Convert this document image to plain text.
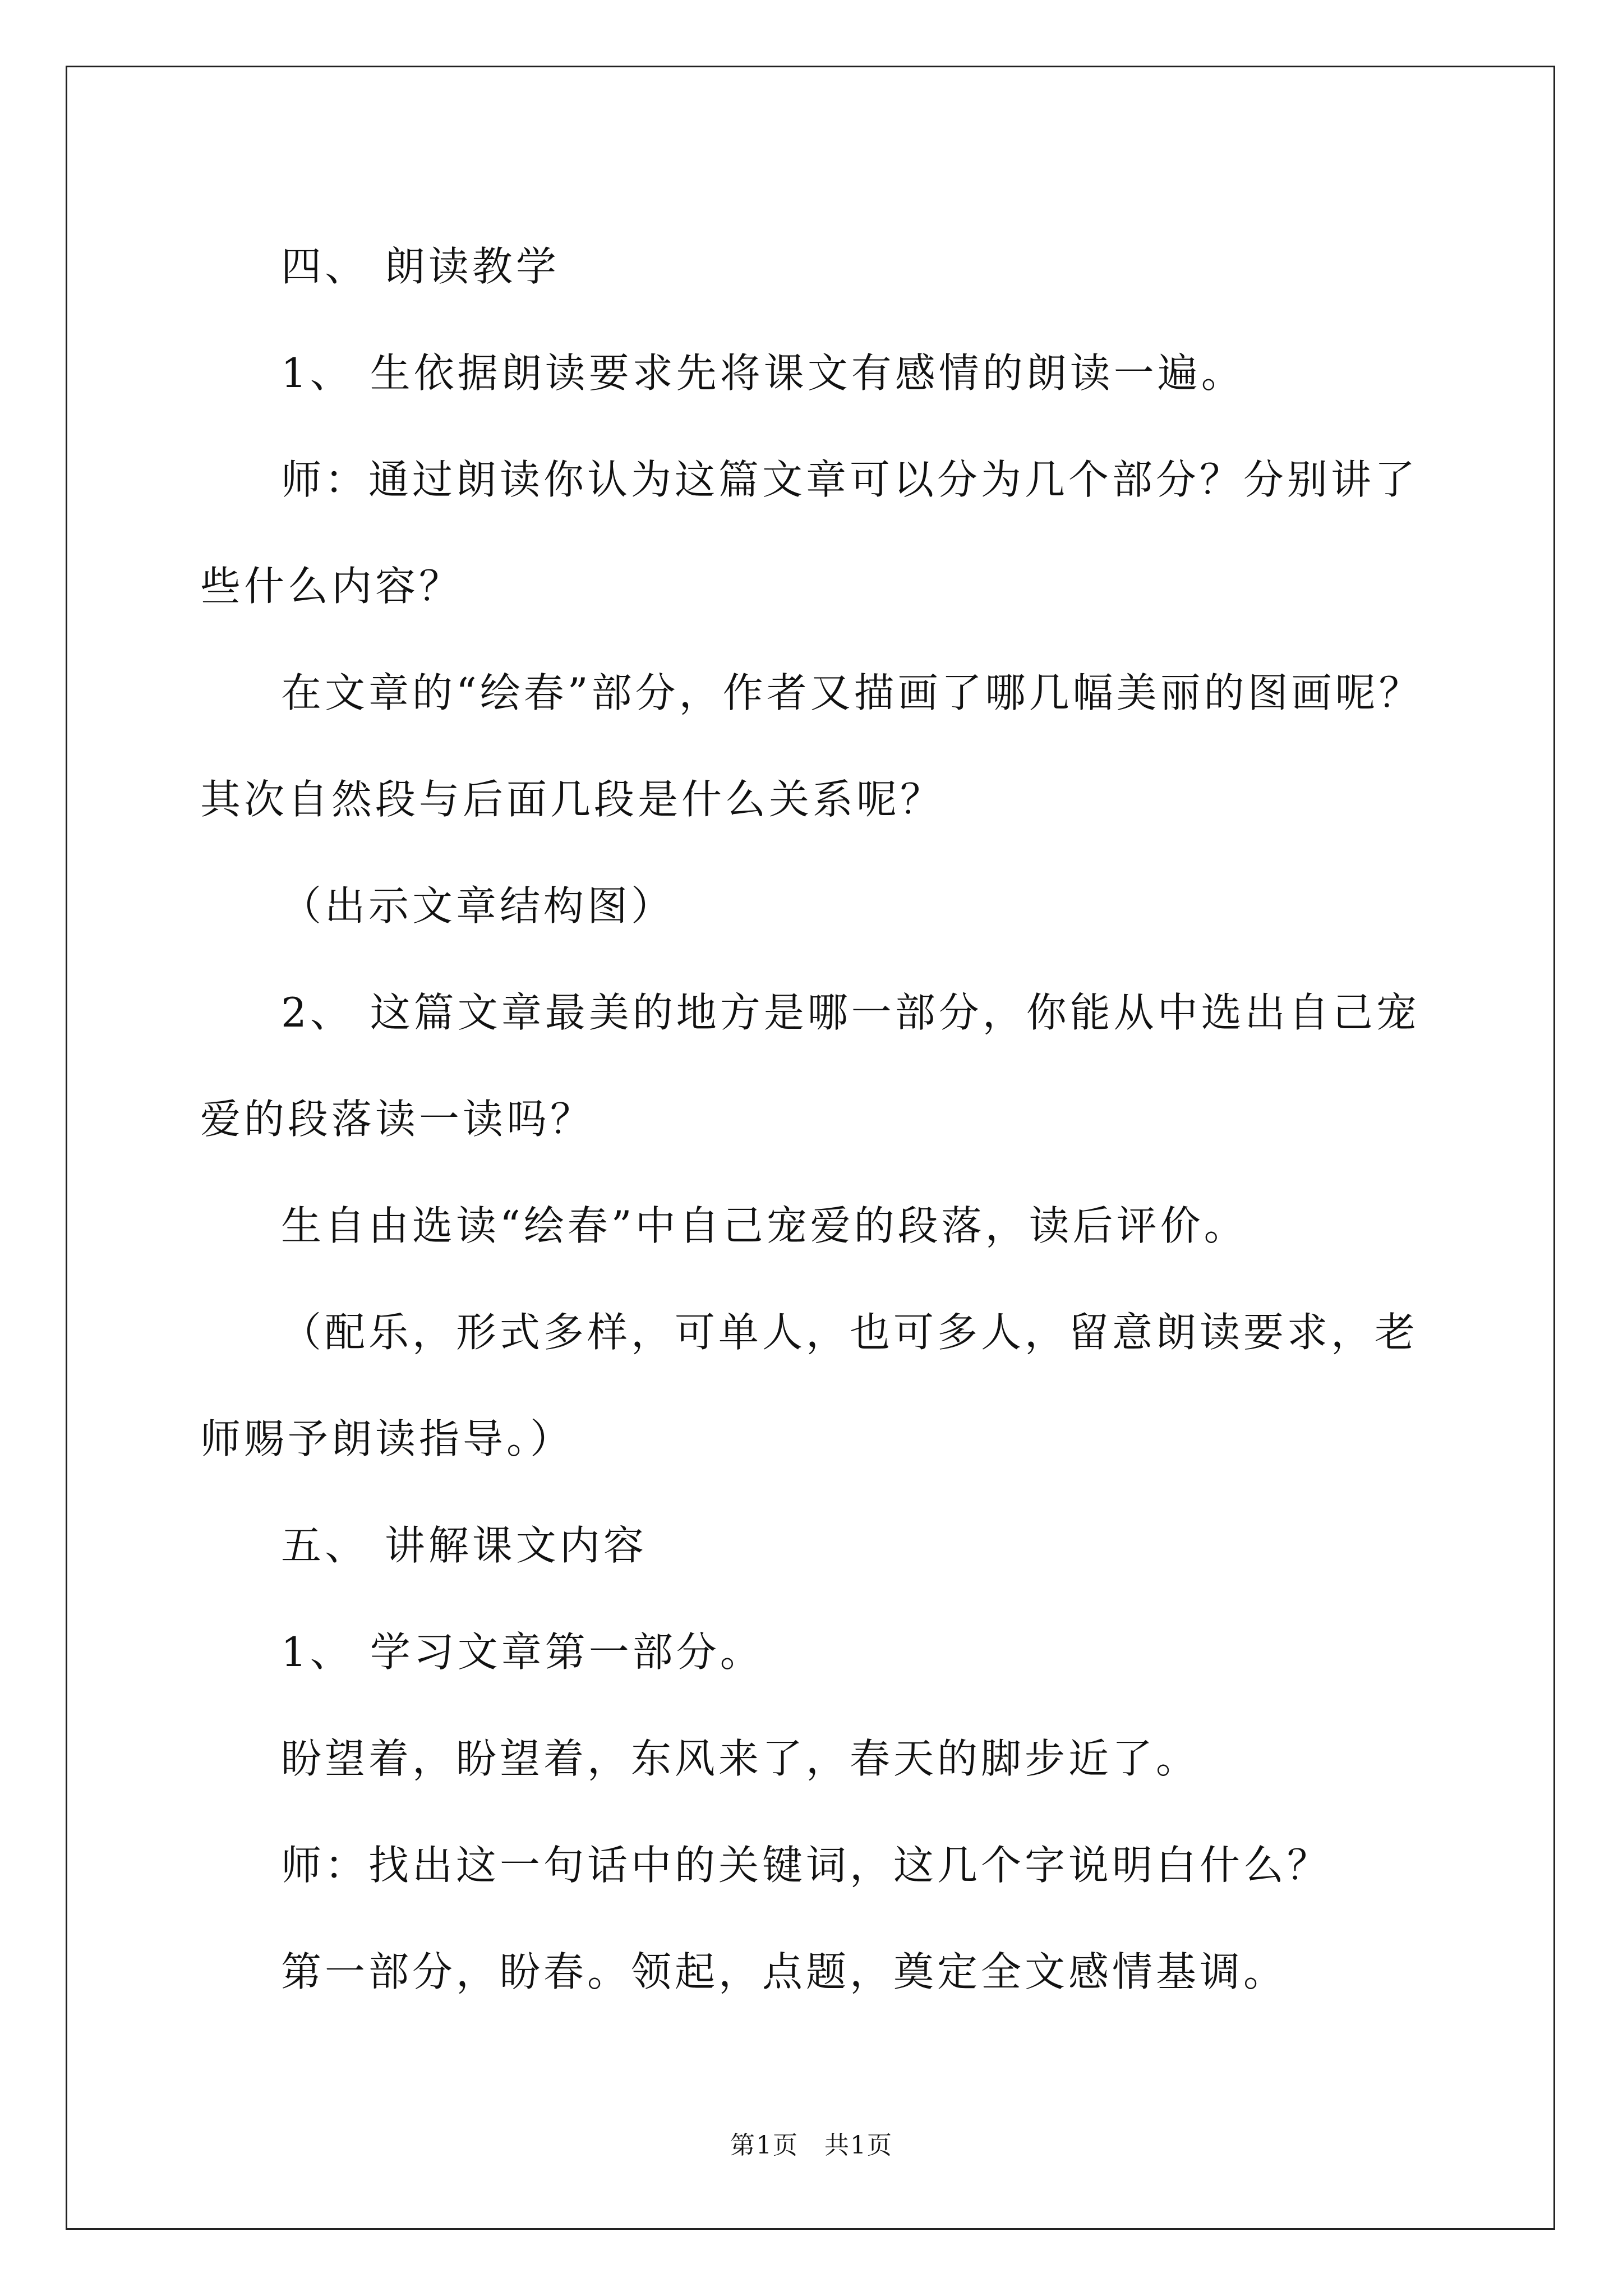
四、 朗读教学

1、 生依据朗读要求先将课文有感情的朗读一遍。

师：通过朗读你认为这篇文章可以分为几个部分？分别讲了些什么内容？

在文章的“绘春”部分，作者又描画了哪几幅美丽的图画呢？其次自然段与后面几段是什么关系呢？

（出示文章结构图）

2、 这篇文章最美的地方是哪一部分，你能从中选出自己宠爱的段落读一读吗？

生自由选读“绘春”中自己宠爱的段落，读后评价。

（配乐，形式多样，可单人，也可多人，留意朗读要求，老师赐予朗读指导。）

五、 讲解课文内容

1、 学习文章第一部分。

盼望着，盼望着，东风来了，春天的脚步近了。

师：找出这一句话中的关键词，这几个字说明白什么？

第一部分，盼春。领起，点题，奠定全文感情基调。

第1页　共1页
